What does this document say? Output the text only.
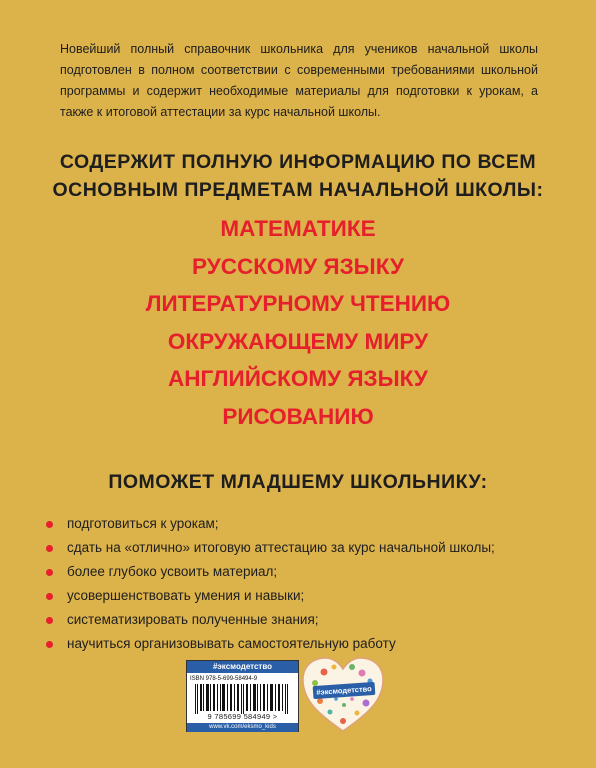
Новейший полный справочник школьника для учеников начальной школы подготовлен в полном соответствии с современными требованиями школьной программы и содержит необходимые материалы для подготовки к урокам, а также к итоговой аттестации за курс начальной школы.

СОДЕРЖИТ ПОЛНУЮ ИНФОРМАЦИЮ ПО ВСЕМ
ОСНОВНЫМ ПРЕДМЕТАМ НАЧАЛЬНОЙ ШКОЛЫ:
МАТЕМАТИКЕ
РУССКОМУ ЯЗЫКУ
ЛИТЕРАТУРНОМУ ЧТЕНИЮ
ОКРУЖАЮЩЕМУ МИРУ
АНГЛИЙСКОМУ ЯЗЫКУ
РИСОВАНИЮ
ПОМОЖЕТ МЛАДШЕМУ ШКОЛЬНИКУ:
подготовиться к урокам;
сдать на «отлично» итоговую аттестацию за курс начальной школы;
более глубоко усвоить материал;
усовершенствовать умения и навыки;
систематизировать полученные знания;
научиться организовывать самостоятельную работу
#эксмодетство
ISBN 978-5-699-58494-9
9 785699 584949 >
www.vk.com/eksmo_kids
#эксмодетство
